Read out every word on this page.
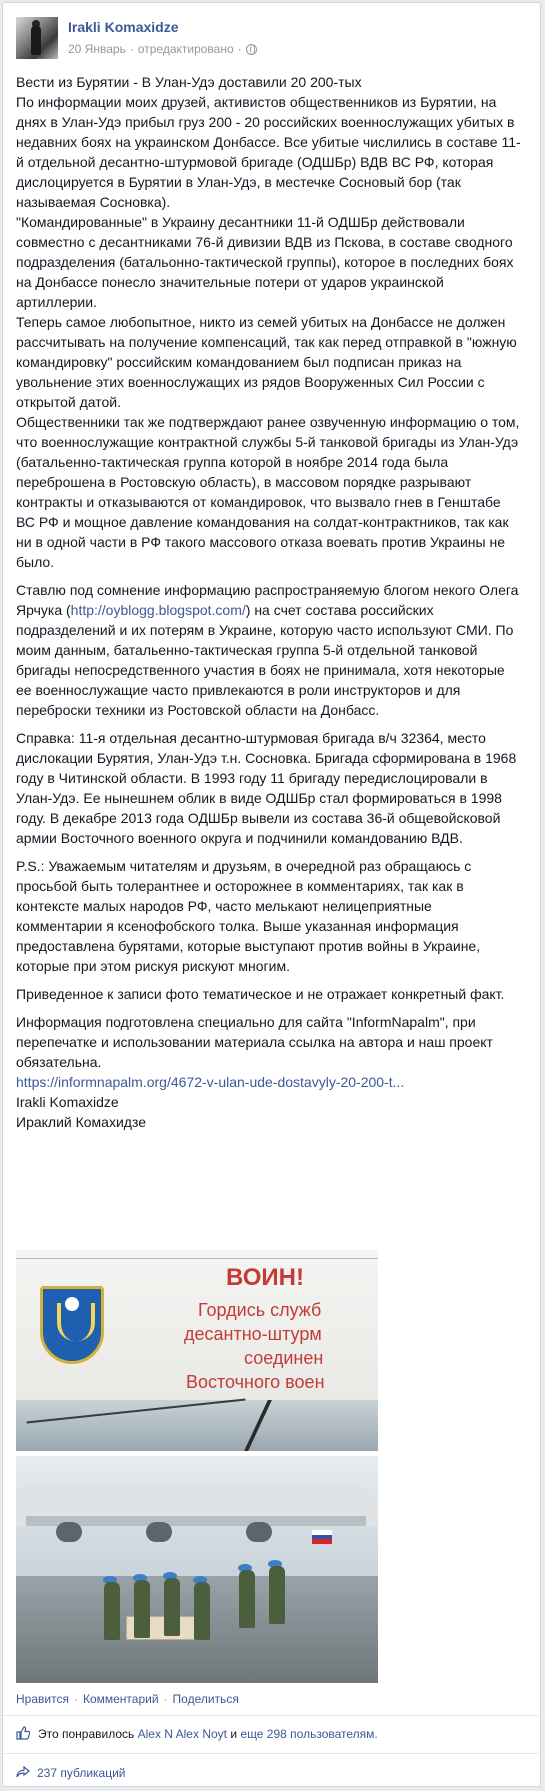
Irakli Komaxidze
20 Январь · отредактировано ·

Вести из Бурятии - В Улан-Удэ доставили 20 200-тых
По информации моих друзей, активистов общественников из Бурятии, на днях в Улан-Удэ прибыл груз 200 - 20 российских военнослужащих убитых в недавних боях на украинском Донбассе. Все убитые числились в составе 11-й отдельной десантно-штурмовой бригаде (ОДШБр) ВДВ ВС РФ, которая дислоцируется в Бурятии в Улан-Удэ, в местечке Сосновый бор (так называемая Сосновка).
"Командированные" в Украину десантники 11-й ОДШБр действовали совместно с десантниками 76-й дивизии ВДВ из Пскова, в составе сводного подразделения (батальонно-тактической группы), которое в последних боях на Донбассе понесло значительные потери от ударов украинской артиллерии.
Теперь самое любопытное, никто из семей убитых на Донбассе не должен рассчитывать на получение компенсаций, так как перед отправкой в "южную командировку" российским командованием был подписан приказ на увольнение этих военнослужащих из рядов Вооруженных Сил России с открытой датой.
Общественники так же подтверждают ранее озвученную информацию о том, что военнослужащие контрактной службы 5-й танковой бригады из Улан-Удэ (батальенно-тактическая группа которой в ноябре 2014 года была переброшена в Ростовскую область), в массовом порядке разрывают контракты и отказываются от командировок, что вызвало гнев в Генштабе ВС РФ и мощное давление командования на солдат-контрактников, так как ни в одной части в РФ такого массового отказа воевать против Украины не было.

Ставлю под сомнение информацию распространяемую блогом некого Олега Ярчука (http://oyblogg.blogspot.com/) на счет состава российских подразделений и их потерям в Украине, которую часто используют СМИ. По моим данным, батальенно-тактическая группа 5-й отдельной танковой бригады непосредственного участия в боях не принимала, хотя некоторые ее военнослужащие часто привлекаются в роли инструкторов и для переброски техники из Ростовской области на Донбасс.

Справка: 11-я отдельная десантно-штурмовая бригада в/ч 32364, место дислокации Бурятия, Улан-Удэ т.н. Сосновка. Бригада сформирована в 1968 году в Читинской области. В 1993 году 11 бригаду передислоцировали в Улан-Удэ. Ее нынешнем облик в виде ОДШБр стал формироваться в 1998 году. В декабре 2013 года ОДШБр вывели из состава 36-й общевойсковой армии Восточного военного округа и подчинили командованию ВДВ.

P.S.: Уважаемым читателям и друзьям, в очередной раз обращаюсь с просьбой быть толерантнее и осторожнее в комментариях, так как в контексте малых народов РФ, часто мелькают нелицеприятные комментарии я ксенофобского толка. Выше указанная информация предоставлена бурятами, которые выступают против войны в Украине, которые при этом рискуя рискуют многим.

Приведенное к записи фото тематическое и не отражает конкретный факт.

Информация подготовлена специально для сайта "InformNapalm", при перепечатке и использовании материала ссылка на автора и наш проект обязательна.

https://informnapalm.org/4672-v-ulan-ude-dostavyly-20-200-t...
Irakli Komaxidze
Ираклий Комахидзе
ВОИН!
Гордись служб
десантно-штурм
соединен
Восточного воен
Нравится · Комментарий · Поделиться
Это понравилось Alex N Alex Noyt и еще 298 пользователям.
237 публикаций
